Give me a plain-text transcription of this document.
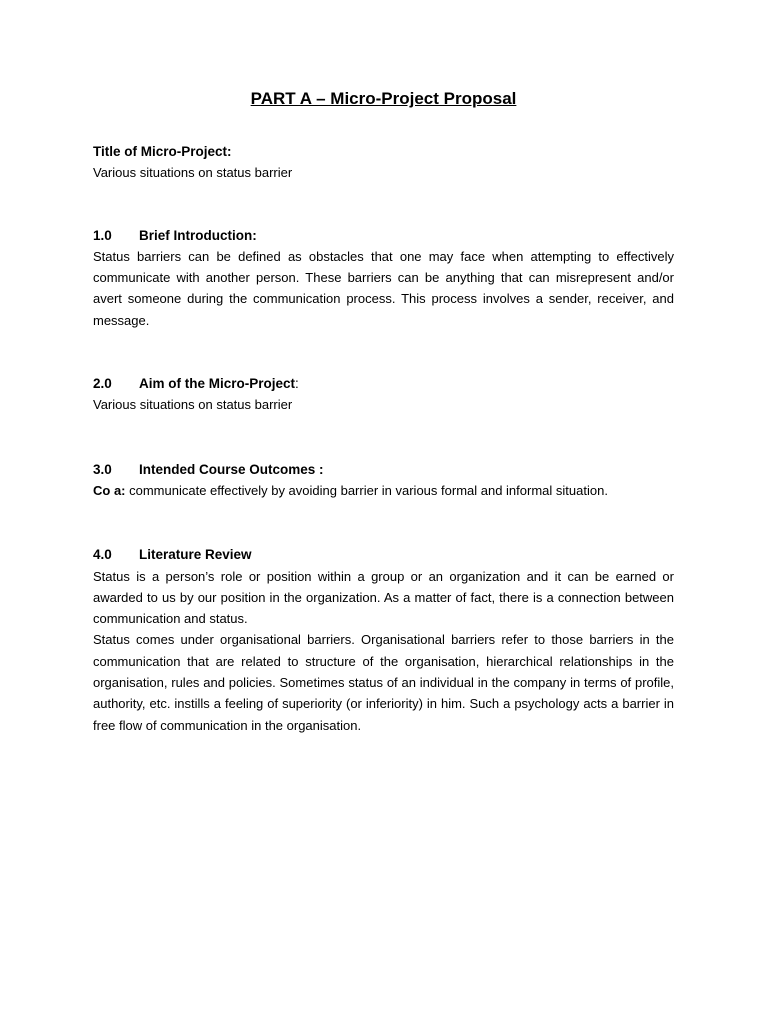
PART A – Micro-Project Proposal

Title of Micro-Project:

Various situations on status barrier

1.0	Brief Introduction:

Status barriers can be defined as obstacles that one may face when attempting to effectively communicate with another person. These barriers can be anything that can misrepresent and/or avert someone during the communication process. This process involves a sender, receiver, and message.

2.0	Aim of the Micro-Project:

Various situations on status barrier

3.0	Intended Course Outcomes :

Co a: communicate effectively by avoiding barrier in various formal and informal situation.

4.0	Literature Review

Status is a person’s role or position within a group or an organization and it can be earned or awarded to us by our position in the organization. As a matter of fact, there is a connection between communication and status.

Status comes under organisational barriers. Organisational barriers refer to those barriers in the communication that are related to structure of the organisation, hierarchical relationships in the organisation, rules and policies. Sometimes status of an individual in the company in terms of profile, authority, etc. instills a feeling of superiority (or inferiority) in him. Such a psychology acts a barrier in free flow of communication in the organisation.
